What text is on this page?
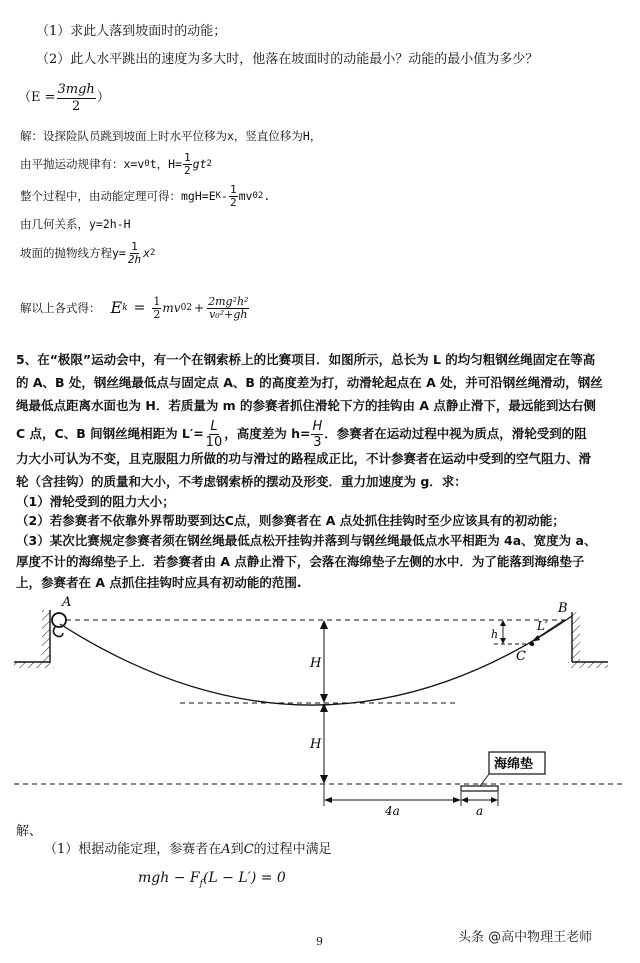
（1）求此人落到坡面时的动能；
（2）此人水平跳出的速度为多大时，他落在坡面时的动能最小？动能的最小值为多少？
（$E = \frac{\text{3mgh}}{2}$ ）
解：设探险队员跳到坡面上时水平位移为x，竖直位移为H，
由平抛运动规律有：x=v 0 t，$H= \frac{1}{2}$ gt 2
整个过程中，由动能定理可得：mgH=E K - $\frac{1}{2}$ mv 0 2 .
由几何关系，y=2h-H
坡面的抛物线方程$y= \frac{1}{2h}$ x 2
解以上各式得： E $k = \frac{1}{2}$ mv 0 $2 + \frac{\text{2mg²h²}}{\text{v₀²+gh}}$
5、在“极限”运动会中，有一个在钢索桥上的比赛项目．如图所示，总长为 L 的均匀粗钢丝绳固定在等高
的 A、B 处，钢丝绳最低点与固定点 A、B 的高度差为打，动滑轮起点在 A 处，并可沿钢丝绳滑动，钢丝
绳最低点距离水面也为 H．若质量为 m 的参赛者抓住滑轮下方的挂钩由 A 点静止滑下，最远能到达右侧
C 点，C、B 间钢丝绳相距为 $L'= \frac{L}{10}$ ，高度差为 $h= \frac{H}{3}$ ．参赛者在运动过程中视为质点，滑轮受到的阻
力大小可认为不变，且克服阻力所做的功与滑过的路程成正比，不计参赛者在运动中受到的空气阻力、滑
轮（含挂钩）的质量和大小，不考虑钢索桥的摆动及形变．重力加速度为 g．求：
（1）滑轮受到的阻力大小；
（2）若参赛者不依靠外界帮助要到达C点，则参赛者在 A 点处抓住挂钩时至少应该具有的初动能；
（3）某次比赛规定参赛者须在钢丝绳最低点松开挂钩并落到与钢丝绳最低点水平相距为 4a、宽度为 a、
厚度不计的海绵垫子上．若参赛者由 A 点静止滑下，会落在海绵垫子左侧的水中．为了能落到海绵垫子
上，参赛者在 A 点抓住挂钩时应具有初动能的范围.
A	B
C
h
L′
H
H
4a	a
海绵垫
解、
（1）根据动能定理，参赛者在A到C的过程中满足
mgh − $F_f(L - L') = 0$
9	头条 @高中物理王老师
